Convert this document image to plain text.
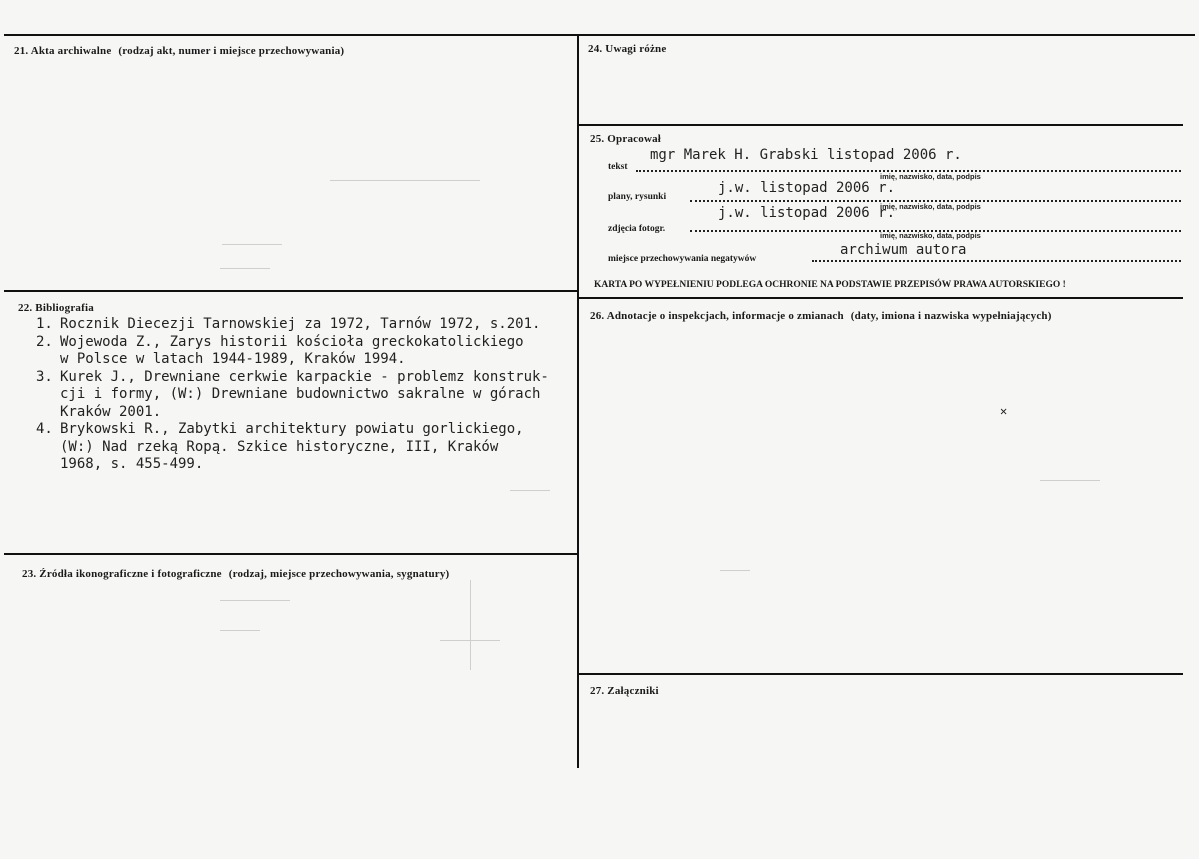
21. Akta archiwalne (rodzaj akt, numer i miejsce przechowywania)
22. Bibliografia
1. Rocznik Diecezji Tarnowskiej za 1972, Tarnów 1972, s.201.
2. Wojewoda Z., Zarys historii kościoła greckokatolickiego
w Polsce w latach 1944-1989, Kraków 1994.
3. Kurek J., Drewniane cerkwie karpackie - problemz konstruk-
cji i formy, (W:) Drewniane budownictwo sakralne w górach
Kraków 2001.
4. Brykowski R., Zabytki architektury powiatu gorlickiego,
(W:) Nad rzeką Ropą. Szkice historyczne, III, Kraków
1968, s. 455-499.
23. Źródła ikonograficzne i fotograficzne (rodzaj, miejsce przechowywania, sygnatury)
24. Uwagi różne
25. Opracował
tekst
mgr Marek H. Grabski listopad 2006 r.
imię, nazwisko, data, podpis
plany, rysunki
j.w. listopad 2006 r.
imię, nazwisko, data, podpis
zdjęcia fotogr.
j.w. listopad 2006 r.
imię, nazwisko, data, podpis
miejsce przechowywania negatywów
archiwum autora
KARTA PO WYPEŁNIENIU PODLEGA OCHRONIE NA PODSTAWIE PRZEPISÓW PRAWA AUTORSKIEGO !
26. Adnotacje o inspekcjach, informacje o zmianach (daty, imiona i nazwiska wypełniających)
27. Załączniki
✕
